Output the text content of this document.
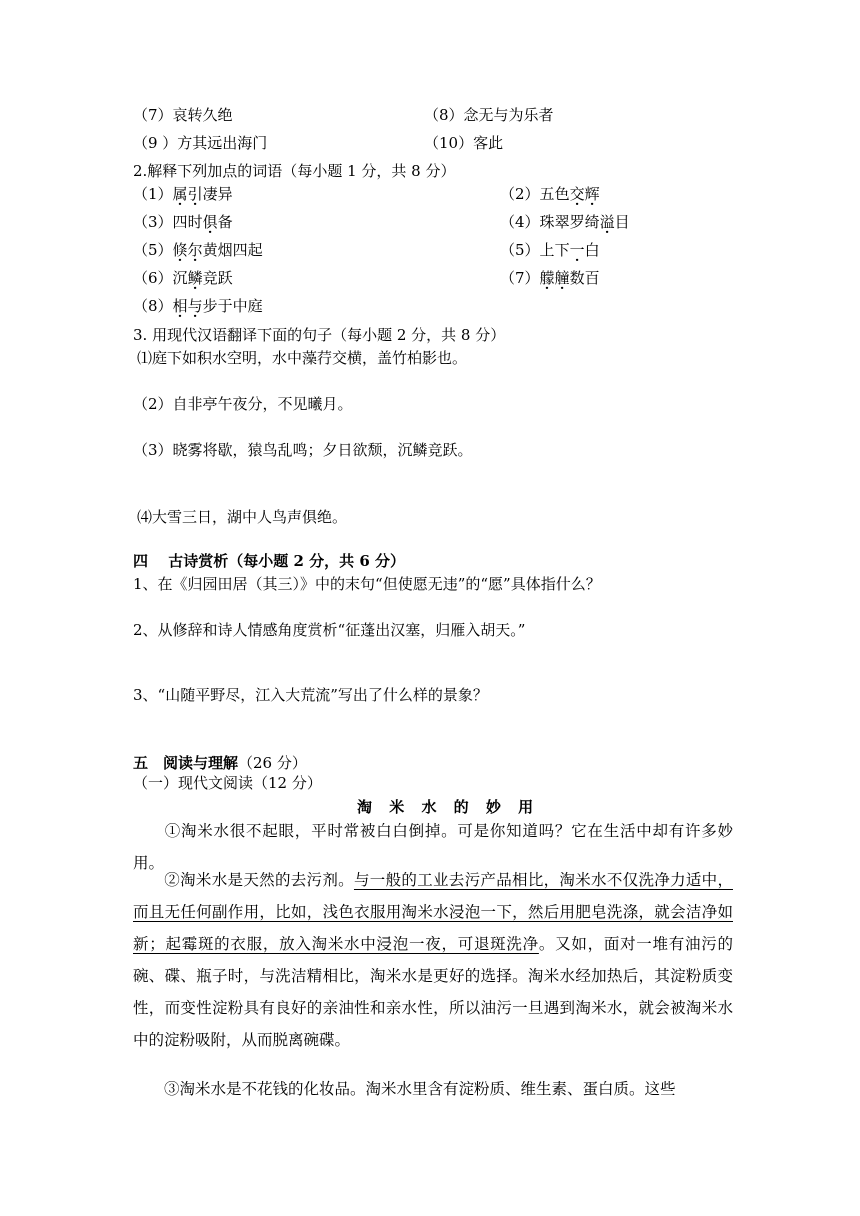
（7）哀转久绝	（8）念无与为乐者
（9 ）方其远出海门	（10）客此
2.解释下列加点的词语（每小题 1 分，共 8 分）
（1）属引凄异	（2）五色交辉
（3）四时俱备	（4）珠翠罗绮溢目
（5）倏尔黄烟四起	（5）上下一白
（6）沉鳞竞跃	（7）艨艟数百
（8）相与步于中庭
3. 用现代汉语翻译下面的句子（每小题 2 分，共 8 分）
⑴庭下如积水空明，水中藻荇交横，盖竹柏影也。
（2）自非亭午夜分，不见曦月。
（3）晓雾将歇，猿鸟乱鸣；夕日欲颓，沉鳞竞跃。
⑷大雪三日，湖中人鸟声俱绝。
四　 古诗赏析（每小题 2 分，共 6 分）
1、在《归园田居（其三）》中的末句“但使愿无违”的“愿”具体指什么？
2、从修辞和诗人情感角度赏析“征蓬出汉塞，归雁入胡天。”
3、“山随平野尽，江入大荒流”写出了什么样的景象？
五　阅读与理解（26 分）
（一）现代文阅读（12 分）
淘 米 水 的 妙 用
①淘米水很不起眼，平时常被白白倒掉。可是你知道吗？它在生活中却有许多妙用。
②淘米水是天然的去污剂。与一般的工业去污产品相比，淘米水不仅洗净力适中，而且无任何副作用，比如，浅色衣服用淘米水浸泡一下，然后用肥皂洗涤，就会洁净如新；起霉斑的衣服，放入淘米水中浸泡一夜，可退斑洗净。又如，面对一堆有油污的碗、碟、瓶子时，与洗洁精相比，淘米水是更好的选择。淘米水经加热后，其淀粉质变性，而变性淀粉具有良好的亲油性和亲水性，所以油污一旦遇到淘米水，就会被淘米水中的淀粉吸附，从而脱离碗碟。
③淘米水是不花钱的化妆品。淘米水里含有淀粉质、维生素、蛋白质。这些
